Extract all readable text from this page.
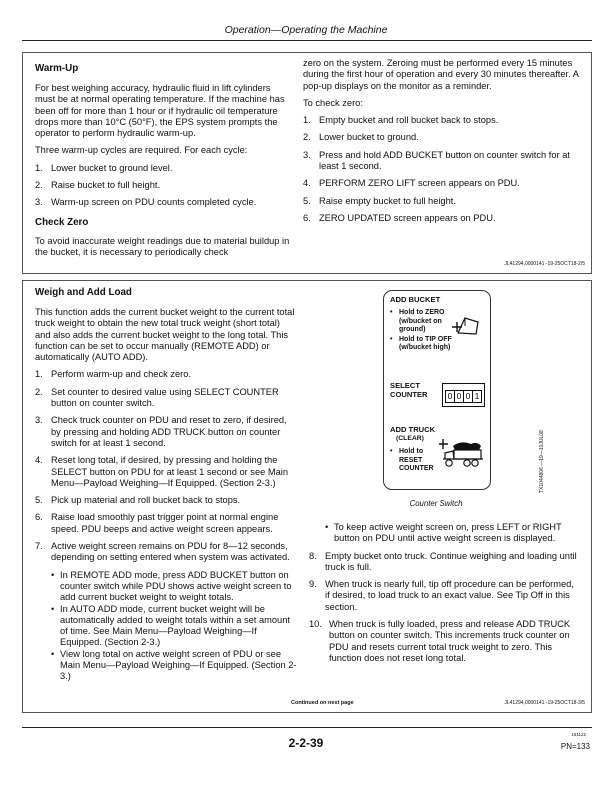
Operation—Operating the Machine
Warm-Up
For best weighing accuracy, hydraulic fluid in lift cylinders must be at normal operating temperature. If the machine has been off for more than 1 hour or if hydraulic oil temperature drops more than 10°C (50°F), the EPS system prompts the operator to perform hydraulic warm-up.
Three warm-up cycles are required. For each cycle:
1. Lower bucket to ground level.
2. Raise bucket to full height.
3. Warm-up screen on PDU counts completed cycle.
Check Zero
To avoid inaccurate weight readings due to material buildup in the bucket, it is necessary to periodically check
zero on the system. Zeroing must be performed every 15 minutes during the first hour of operation and every 30 minutes thereafter. A pop-up displays on the monitor as a reminder.
To check zero:
1. Empty bucket and roll bucket back to stops.
2. Lower bucket to ground.
3. Press and hold ADD BUCKET button on counter switch for at least 1 second.
4. PERFORM ZERO LIFT screen appears on PDU.
5. Raise empty bucket to full height.
6. ZERO UPDATED screen appears on PDU.
JL41294,0000141 -19-25OCT18-2/5
Weigh and Add Load
This function adds the current bucket weight to the current total truck weight to obtain the new total truck weight (short total) and also adds the current bucket weight to the long total. This function can be set to occur manually (REMOTE ADD) or automatically (AUTO ADD).
1. Perform warm-up and check zero.
2. Set counter to desired value using SELECT COUNTER button on counter switch.
3. Check truck counter on PDU and reset to zero, if desired, by pressing and holding ADD TRUCK button on counter switch for at least 1 second.
4. Reset long total, if desired, by pressing and holding the SELECT button on PDU for at least 1 second or see Main Menu—Payload Weighing—If Equipped. (Section 2-3.)
5. Pick up material and roll bucket back to stops.
6. Raise load smoothly past trigger point at normal engine speed. PDU beeps and active weight screen appears.
7. Active weight screen remains on PDU for 8—12 seconds, depending on setting entered when system was activated.
• In REMOTE ADD mode, press ADD BUCKET button on counter switch while PDU shows active weight screen to add current bucket weight to weight totals.
• In AUTO ADD mode, current bucket weight will be automatically added to weight totals within a set amount of time. See Main Menu—Payload Weighing—If Equipped. (Section 2-3.)
• View long total on active weight screen of PDU or see Main Menu—Payload Weighing—If Equipped. (Section 2-3.)
ADD BUCKET
• Hold to ZERO
(w/bucket on
ground)
• Hold to TIP OFF
(w/bucket high)
SELECT
COUNTER	0 0 0 1
ADD TRUCK
(CLEAR)
• Hold to
RESET
COUNTER
Counter Switch
TX1044806 —19—10JUL08
• To keep active weight screen on, press LEFT or RIGHT button on PDU until active weight screen is displayed.
8. Empty bucket onto truck. Continue weighing and loading until truck is full.
9. When truck is nearly full, tip off procedure can be performed, if desired, to load truck to an exact value. See Tip Off in this section.
10. When truck is fully loaded, press and release ADD TRUCK button on counter switch. This increments truck counter on PDU and resets current total truck weight to zero. This function does not reset long total.
Continued on next page	JL41294,0000141 -19-25OCT18-3/5
2-2-39
161122
PN=133
